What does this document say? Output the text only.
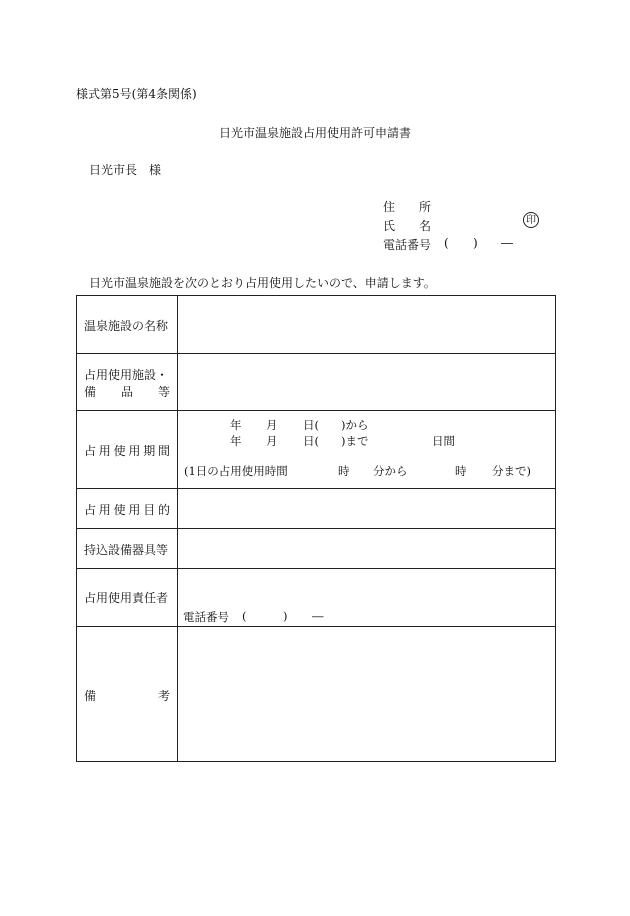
様式第5号(第4条関係)
日光市温泉施設占用使用許可申請書
日光市長　様
住　　所
氏　　名	印
電話番号 ( ) ―
日光市温泉施設を次のとおり占用使用したいので、申請します。
温泉施設の名称
占用使用施設・
備 品 等
占 用 使 用 期 間
年 月 日( )から
年 月 日( )まで	日間
(1日の占用使用時間	時 分から	時 分まで)
占 用 使 用 目 的
持込設備器具等
占用使用責任者
電話番号 (	) ―
備	考
